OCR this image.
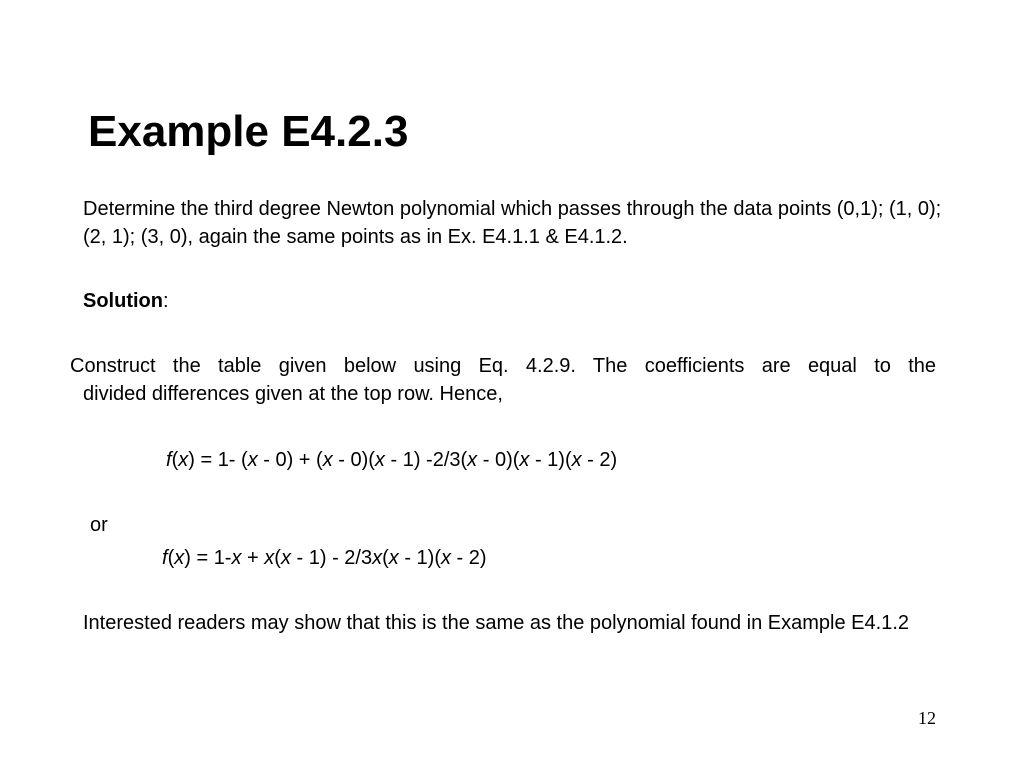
Example E4.2.3

Determine the third degree Newton polynomial which passes through the data points (0,1); (1, 0); (2, 1); (3, 0), again the same points as in Ex. E4.1.1 & E4.1.2.

Solution:

Construct the table given below using Eq. 4.2.9. The coefficients are equal to the
divided differences given at the top row. Hence,
f(x) = 1- (x - 0) + (x - 0)(x - 1) -2/3(x - 0)(x - 1)(x - 2)

or

f(x) = 1-x + x(x - 1) - 2/3x(x - 1)(x - 2)

Interested readers may show that this is the same as the polynomial found in Example E4.1.2

12
